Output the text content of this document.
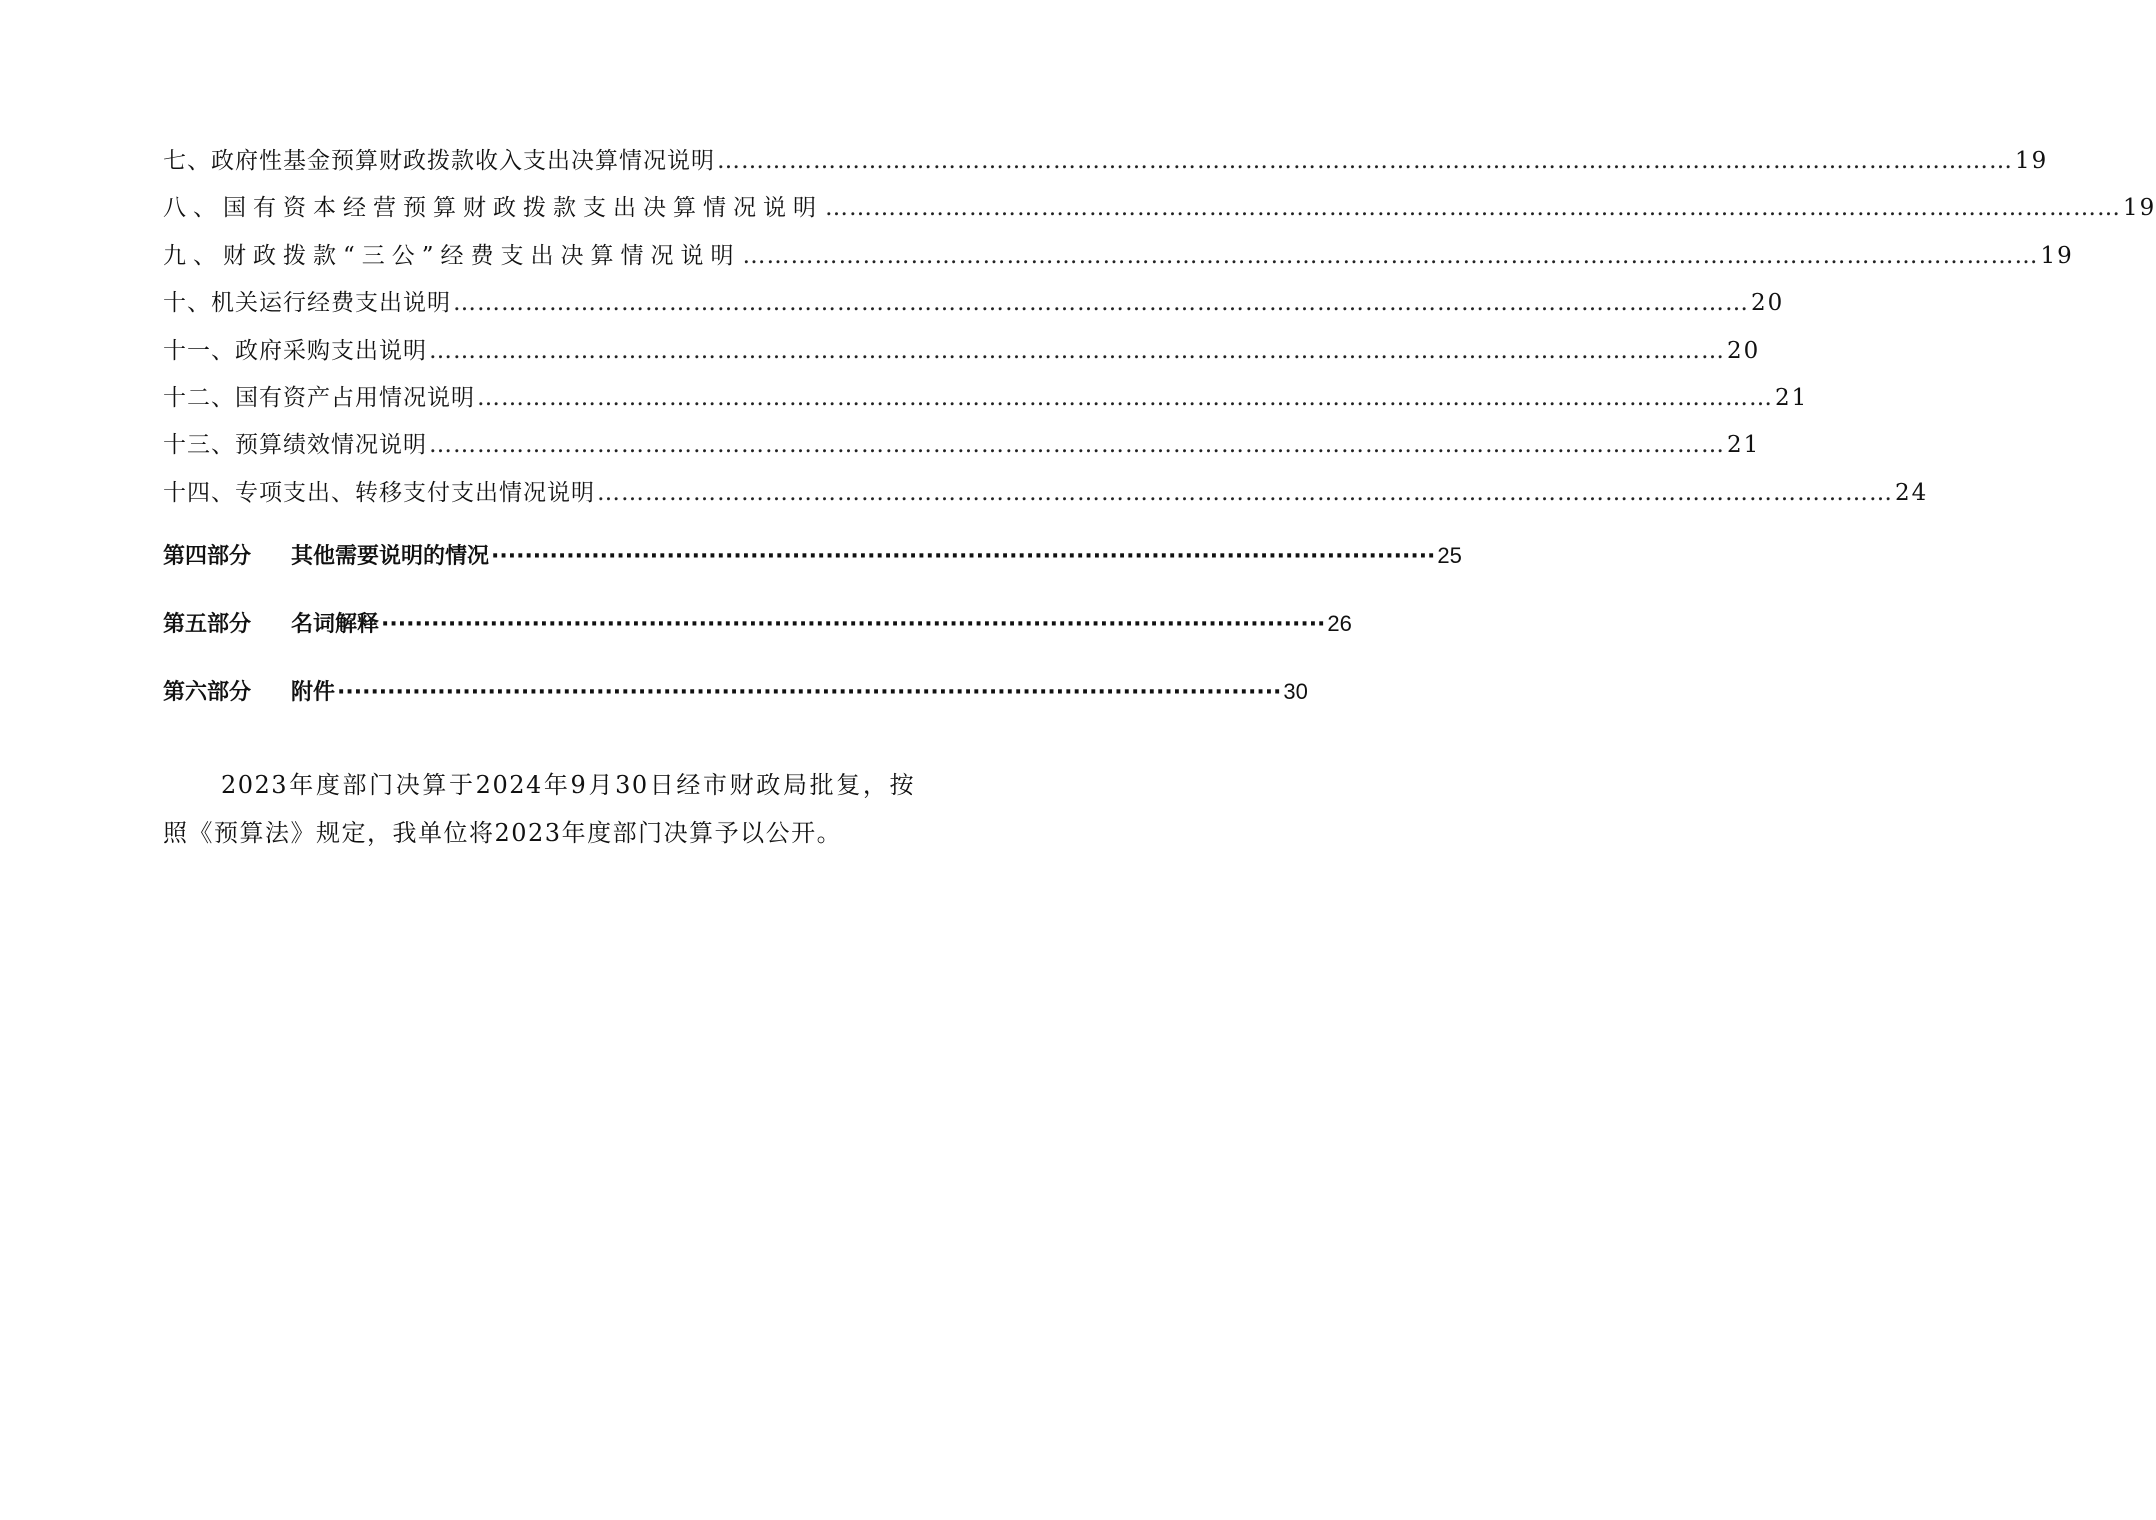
七、政府性基金预算财政拨款收入支出决算情况说明 ……………………………………………………………………………………………………………………………………………… 19
八、国有资本经营预算财政拨款支出决算情况说明 ……………………………………………………………………………………………………………………………………………… 19
九、财政拨款“三公”经费支出决算情况说明 ……………………………………………………………………………………………………………………………………………… 19
十、机关运行经费支出说明 ……………………………………………………………………………………………………………………………………………… 20
十一、政府采购支出说明 ……………………………………………………………………………………………………………………………………………… 20
十二、国有资产占用情况说明 ……………………………………………………………………………………………………………………………………………… 21
十三、预算绩效情况说明 ……………………………………………………………………………………………………………………………………………… 21
十四、专项支出、转移支付支出情况说明 ……………………………………………………………………………………………………………………………………………… 24
第四部分	其他需要说明的情况 ················································································································· 25
第五部分	名词解释 ················································································································· 26
第六部分	附件 ················································································································· 30

2023年度部门决算于2024年9月30日经市财政局批复，按照《预算法》规定，我单位将2023年度部门决算予以公开。
